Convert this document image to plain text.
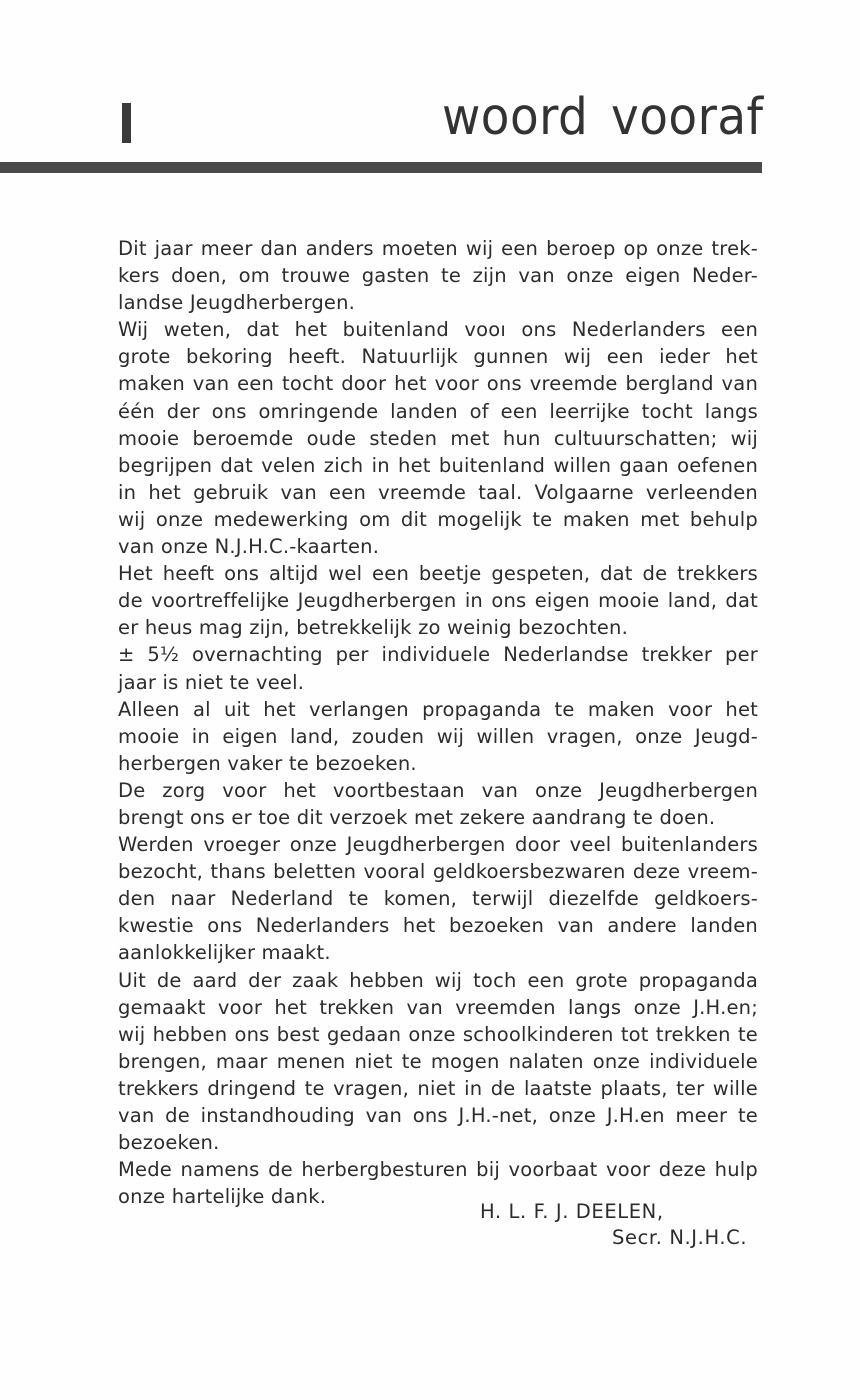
woord vooraf
Dit jaar meer dan anders moeten wij een beroep op onze trek-
kers doen, om trouwe gasten te zijn van onze eigen Neder-
landse Jeugdherbergen.
Wij weten, dat het buitenland vooı ons Nederlanders een
grote bekoring heeft. Natuurlijk gunnen wij een ieder het
maken van een tocht door het voor ons vreemde bergland van
één der ons omringende landen of een leerrijke tocht langs
mooie beroemde oude steden met hun cultuurschatten; wij
begrijpen dat velen zich in het buitenland willen gaan oefenen
in het gebruik van een vreemde taal. Volgaarne verleenden
wij onze medewerking om dit mogelijk te maken met behulp
van onze N.J.H.C.-kaarten.
Het heeft ons altijd wel een beetje gespeten, dat de trekkers
de voortreffelijke Jeugdherbergen in ons eigen mooie land, dat
er heus mag zijn, betrekkelijk zo weinig bezochten.
± 5½ overnachting per individuele Nederlandse trekker per
jaar is niet te veel.
Alleen al uit het verlangen propaganda te maken voor het
mooie in eigen land, zouden wij willen vragen, onze Jeugd-
herbergen vaker te bezoeken.
De zorg voor het voortbestaan van onze Jeugdherbergen
brengt ons er toe dit verzoek met zekere aandrang te doen.
Werden vroeger onze Jeugdherbergen door veel buitenlanders
bezocht, thans beletten vooral geldkoersbezwaren deze vreem-
den naar Nederland te komen, terwijl diezelfde geldkoers-
kwestie ons Nederlanders het bezoeken van andere landen
aanlokkelijker maakt.
Uit de aard der zaak hebben wij toch een grote propaganda
gemaakt voor het trekken van vreemden langs onze J.H.en;
wij hebben ons best gedaan onze schoolkinderen tot trekken te
brengen, maar menen niet te mogen nalaten onze individuele
trekkers dringend te vragen, niet in de laatste plaats, ter wille
van de instandhouding van ons J.H.-net, onze J.H.en meer te
bezoeken.
Mede namens de herbergbesturen bij voorbaat voor deze hulp
onze hartelijke dank.
H. L. F. J. DEELEN,
Secr. N.J.H.C.
